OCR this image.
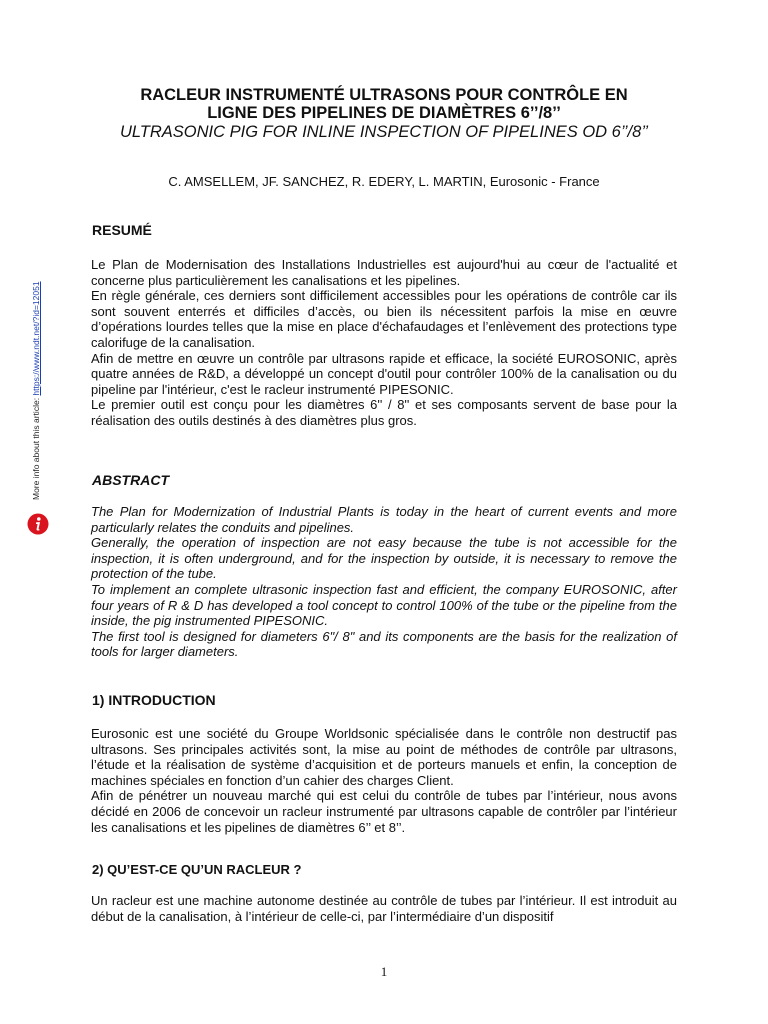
RACLEUR INSTRUMENTÉ ULTRASONS POUR CONTRÔLE EN
LIGNE DES PIPELINES DE DIAMÈTRES 6’’/8’’
ULTRASONIC PIG FOR INLINE INSPECTION OF PIPELINES OD 6’’/8’’
C. AMSELLEM, JF. SANCHEZ, R. EDERY, L. MARTIN, Eurosonic - France
More info about this article: https://www.ndt.net/?id=12051
RESUMÉ

Le Plan de Modernisation des Installations Industrielles est aujourd'hui au cœur de l'actualité et concerne plus particulièrement les canalisations et les pipelines.

En règle générale, ces derniers sont difficilement accessibles pour les opérations de contrôle car ils sont souvent enterrés et difficiles d’accès, ou bien ils nécessitent parfois la mise en œuvre d’opérations lourdes telles que la mise en place d'échafaudages et l’enlèvement des protections type calorifuge de la canalisation.

Afin de mettre en œuvre un contrôle par ultrasons rapide et efficace, la société EUROSONIC, après quatre années de R&D, a développé un concept d'outil pour contrôler 100% de la canalisation ou du pipeline par l'intérieur, c'est le racleur instrumenté PIPESONIC.

Le premier outil est conçu pour les diamètres 6'' / 8'' et ses composants servent de base pour la réalisation des outils destinés à des diamètres plus gros.

ABSTRACT

The Plan for Modernization of Industrial Plants is today in the heart of current events and more particularly relates the conduits and pipelines.

Generally, the operation of inspection are not easy because the tube is not accessible for the inspection, it is often underground, and for the inspection by outside, it is necessary to remove the protection of the tube.

To implement an complete ultrasonic inspection fast and efficient, the company EUROSONIC, after four years of R & D has developed a tool concept to control 100% of the tube or the pipeline from the inside, the pig instrumented PIPESONIC.

The first tool is designed for diameters 6"/ 8" and its components are the basis for the realization of tools for larger diameters.

1) INTRODUCTION

Eurosonic est une société du Groupe Worldsonic spécialisée dans le contrôle non destructif pas ultrasons. Ses principales activités sont, la mise au point de méthodes de contrôle par ultrasons, l’étude et la réalisation de système d’acquisition et de porteurs manuels et enfin, la conception de machines spéciales en fonction d’un cahier des charges Client.

Afin de pénétrer un nouveau marché qui est celui du contrôle de tubes par l’intérieur, nous avons décidé en 2006 de concevoir un racleur instrumenté par ultrasons capable de contrôler par l’intérieur les canalisations et les pipelines de diamètres 6’’ et 8’’.

2) QU’EST-CE QU’UN RACLEUR ?

Un racleur est une machine autonome destinée au contrôle de tubes par l’intérieur. Il est introduit au début de la canalisation, à l’intérieur de celle-ci, par l’intermédiaire d’un dispositif

1
